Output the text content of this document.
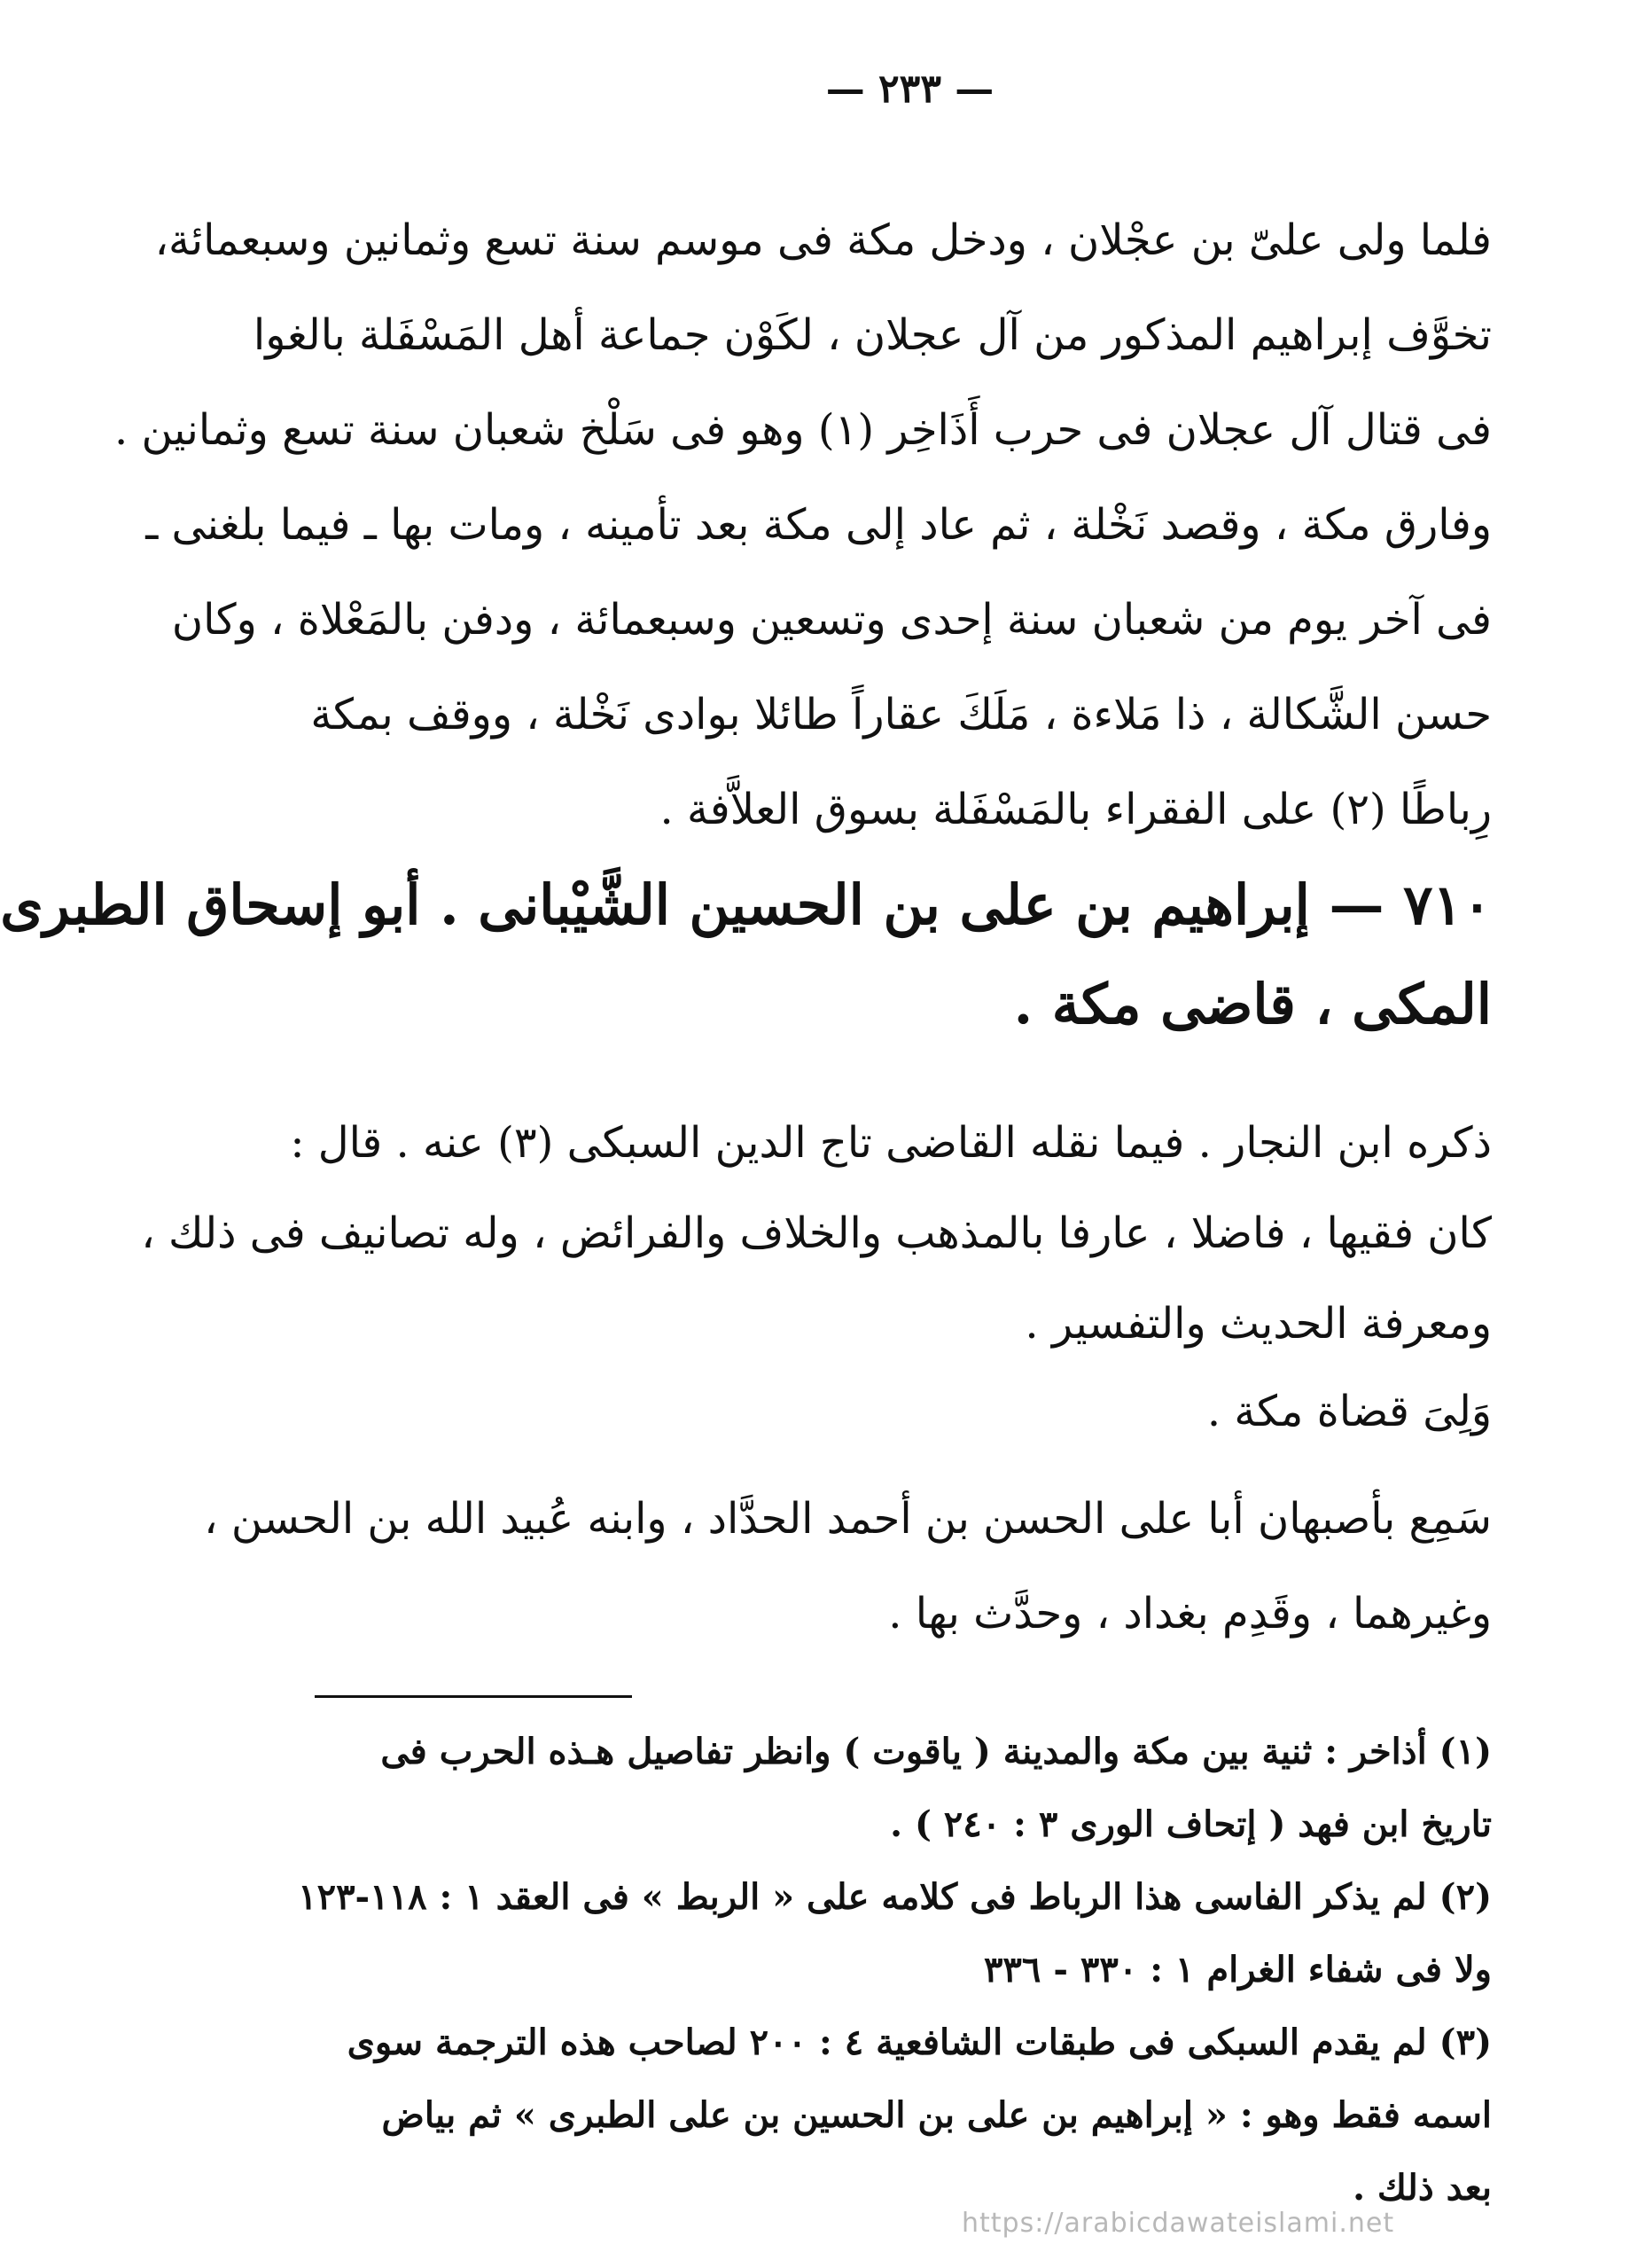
— ٢٣٣ —
فلما ولى علىّ بن عجْلان ، ودخل مكة فى موسم سنة تسع وثمانين وسبعمائة،
تخوَّف إبراهيم المذكور من آل عجلان ، لكَوْن جماعة أهل المَسْفَلة بالغوا
فى قتال آل عجلان فى حرب أَذَاخِر (١) وهو فى سَلْخ شعبان سنة تسع وثمانين .
وفارق مكة ، وقصد نَخْلة ، ثم عاد إلى مكة بعد تأمينه ، ومات بها ـ فيما بلغنى ـ
فى آخر يوم من شعبان سنة إحدى وتسعين وسبعمائة ، ودفن بالمَعْلاة ، وكان
حسن الشَّكالة ، ذا مَلاءة ، مَلَكَ عقاراً طائلا بوادى نَخْلة ، ووقف بمكة
رِباطًا (٢) على الفقراء بالمَسْفَلة بسوق العلاَّفة .
٧١٠ — إبراهيم بن على بن الحسين الشَّيْبانى . أبو إسحاق الطبرى
المكى ، قاضى مكة .
ذكره ابن النجار . فيما نقله القاضى تاج الدين السبكى (٣) عنه . قال :
كان فقيها ، فاضلا ، عارفا بالمذهب والخلاف والفرائض ، وله تصانيف فى ذلك ،
ومعرفة الحديث والتفسير .
وَلِىَ قضاة مكة .
سَمِع بأصبهان أبا على الحسن بن أحمد الحدَّاد ، وابنه عُبيد الله بن الحسن ،
وغيرهما ، وقَدِم بغداد ، وحدَّث بها .
(١) أذاخر : ثنية بين مكة والمدينة ( ياقوت ) وانظر تفاصيل هـذه الحرب فى
تاريخ ابن فهد ( إتحاف الورى ٣ : ٢٤٠ ) .
(٢) لم يذكر الفاسى هذا الرباط فى كلامه على « الربط » فى العقد ١ : ١١٨-١٢٣
ولا فى شفاء الغرام ١ : ٣٣٠ - ٣٣٦
(٣) لم يقدم السبكى فى طبقات الشافعية ٤ : ٢٠٠ لصاحب هذه الترجمة سوى
اسمه فقط وهو : « إبراهيم بن على بن الحسين بن على الطبرى » ثم بياض
بعد ذلك .
https://arabicdawateislami.net
